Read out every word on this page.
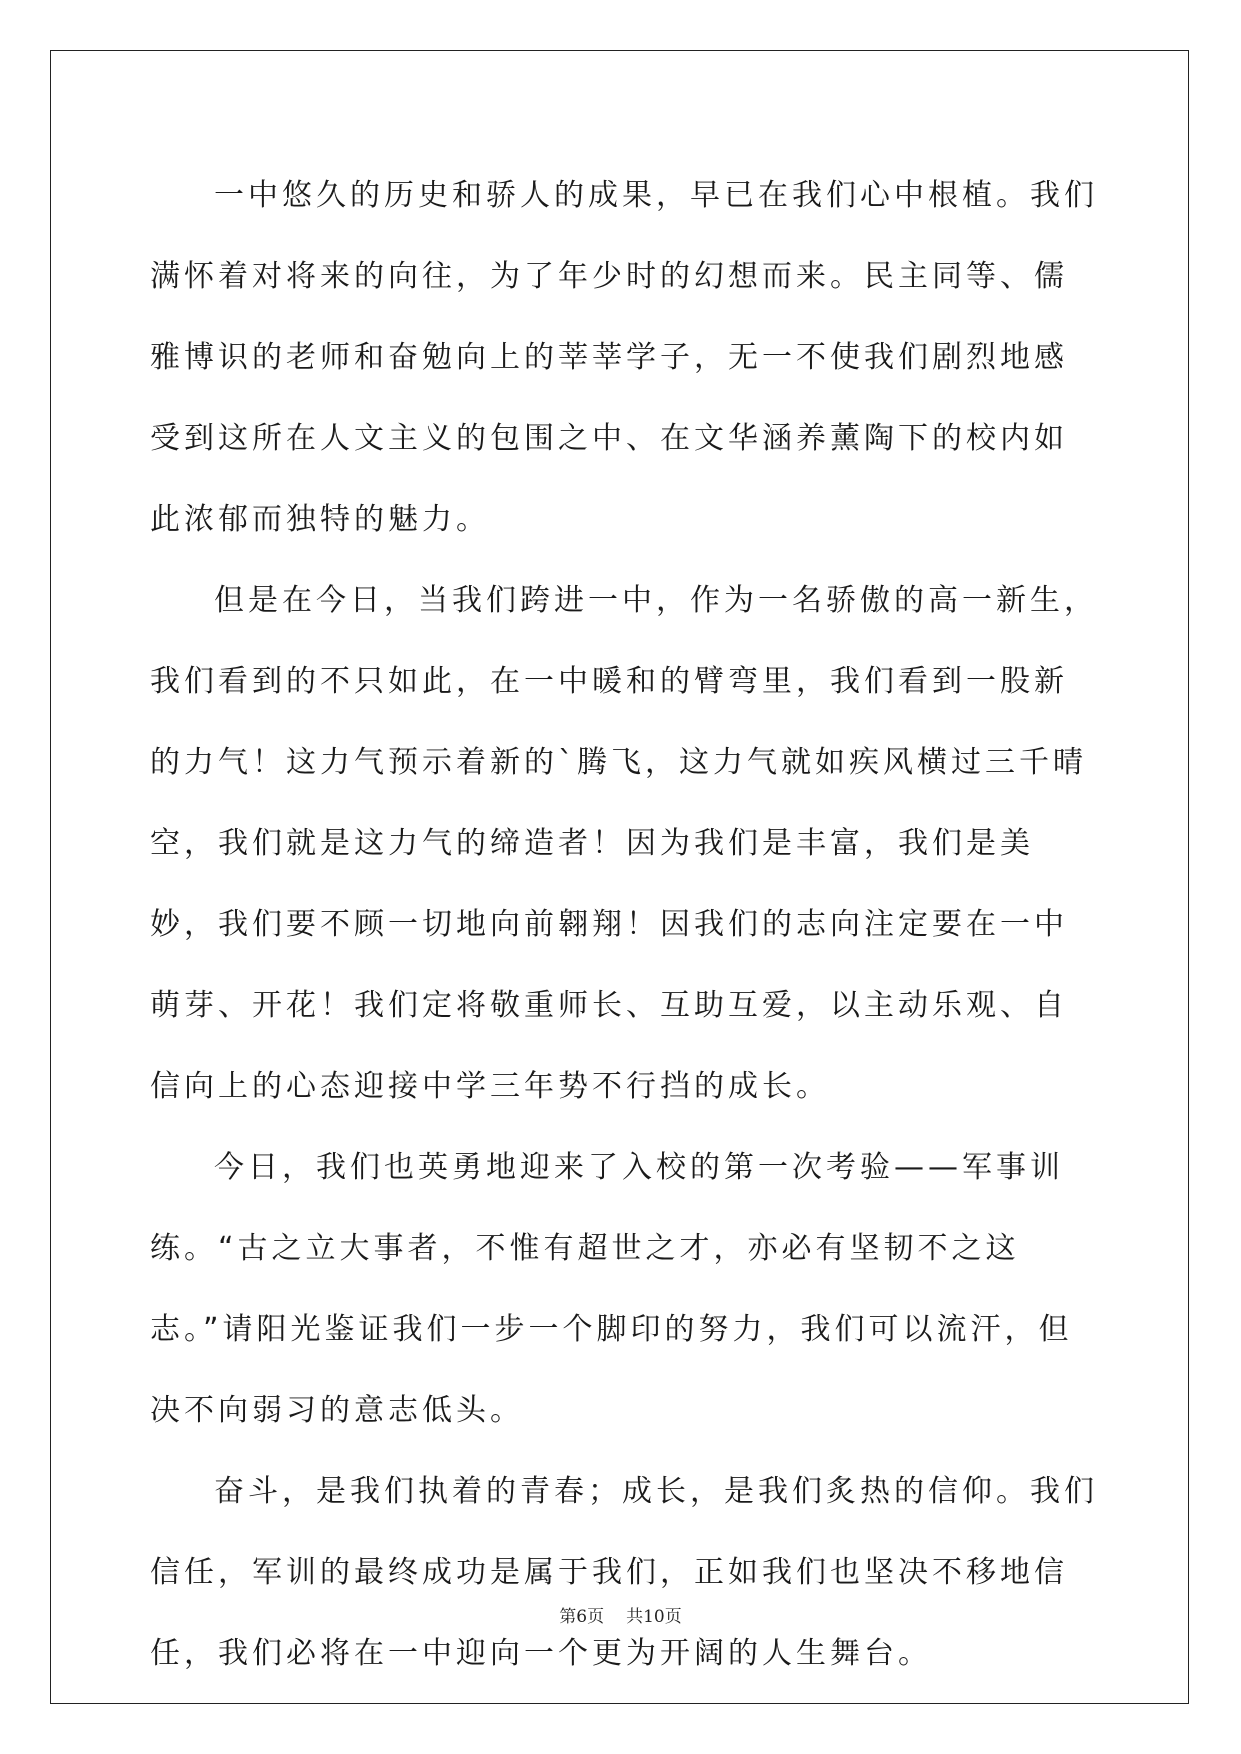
一中悠久的历史和骄人的成果，早已在我们心中根植。我们满怀着对将来的向往，为了年少时的幻想而来。民主同等、儒雅博识的老师和奋勉向上的莘莘学子，无一不使我们剧烈地感受到这所在人文主义的包围之中、在文华涵养薰陶下的校内如此浓郁而独特的魅力。

但是在今日，当我们跨进一中，作为一名骄傲的高一新生，我们看到的不只如此，在一中暖和的臂弯里，我们看到一股新的力气！这力气预示着新的`腾飞，这力气就如疾风横过三千晴空，我们就是这力气的缔造者！因为我们是丰富，我们是美妙，我们要不顾一切地向前翱翔！因我们的志向注定要在一中萌芽、开花！我们定将敬重师长、互助互爱，以主动乐观、自信向上的心态迎接中学三年势不行挡的成长。

今日，我们也英勇地迎来了入校的第一次考验——军事训练。“古之立大事者，不惟有超世之才，亦必有坚韧不之这志。”请阳光鉴证我们一步一个脚印的努力，我们可以流汗，但决不向弱习的意志低头。

奋斗，是我们执着的青春；成长，是我们炙热的信仰。我们信任，军训的最终成功是属于我们，正如我们也坚决不移地信任，我们必将在一中迎向一个更为开阔的人生舞台。

第6页 共10页
